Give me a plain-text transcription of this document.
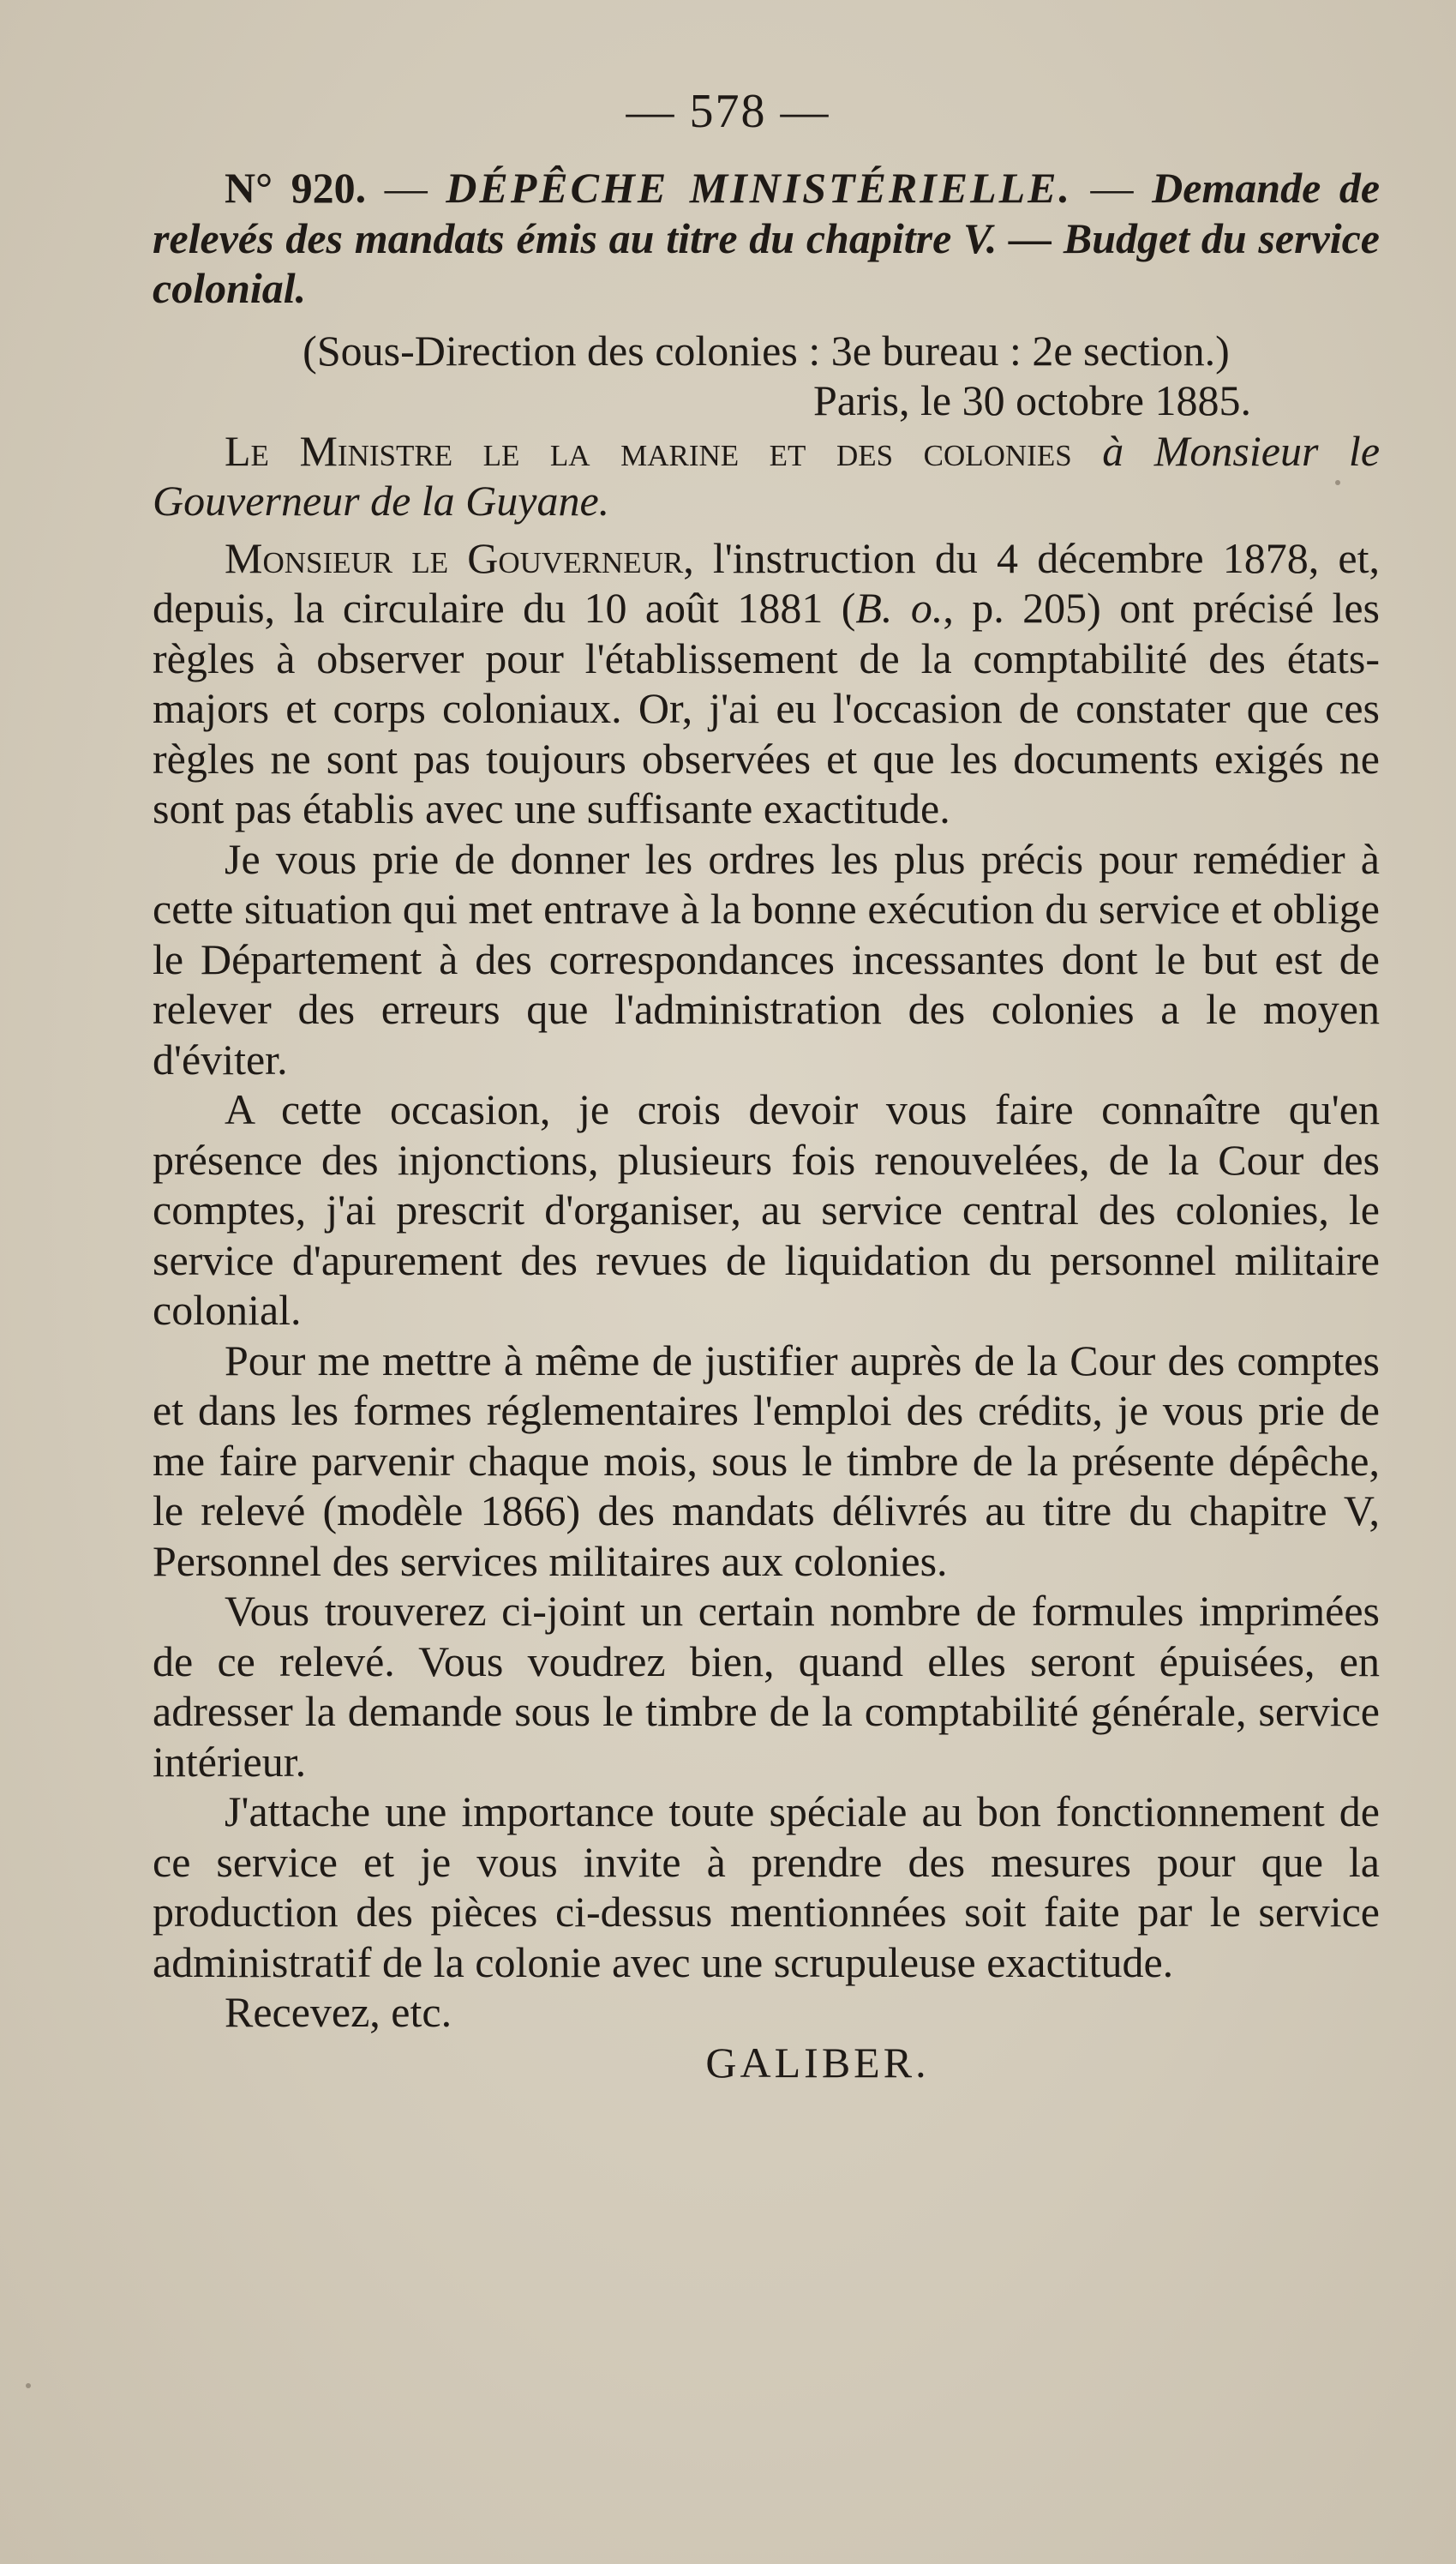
— 578 —

N° 920. — DÉPÊCHE MINISTÉRIELLE. — Demande de relevés des mandats émis au titre du chapitre V. — Budget du service colonial.

(Sous-Direction des colonies : 3e bureau : 2e section.)

Paris, le 30 octobre 1885.

Le Ministre le la marine et des colonies à Monsieur le Gouverneur de la Guyane.

Monsieur le Gouverneur, l'instruction du 4 décembre 1878, et, depuis, la circulaire du 10 août 1881 (B. o., p. 205) ont précisé les règles à observer pour l'établissement de la comptabilité des états-majors et corps coloniaux. Or, j'ai eu l'occasion de constater que ces règles ne sont pas toujours observées et que les documents exigés ne sont pas établis avec une suffisante exactitude.

Je vous prie de donner les ordres les plus précis pour remédier à cette situation qui met entrave à la bonne exécution du service et oblige le Département à des correspondances incessantes dont le but est de relever des erreurs que l'administration des colonies a le moyen d'éviter.

A cette occasion, je crois devoir vous faire connaître qu'en présence des injonctions, plusieurs fois renouvelées, de la Cour des comptes, j'ai prescrit d'organiser, au service central des colonies, le service d'apurement des revues de liquidation du personnel militaire colonial.

Pour me mettre à même de justifier auprès de la Cour des comptes et dans les formes réglementaires l'emploi des crédits, je vous prie de me faire parvenir chaque mois, sous le timbre de la présente dépêche, le relevé (modèle 1866) des mandats délivrés au titre du chapitre V, Personnel des services militaires aux colonies.

Vous trouverez ci-joint un certain nombre de formules imprimées de ce relevé. Vous voudrez bien, quand elles seront épuisées, en adresser la demande sous le timbre de la comptabilité générale, service intérieur.

J'attache une importance toute spéciale au bon fonctionnement de ce service et je vous invite à prendre des mesures pour que la production des pièces ci-dessus mentionnées soit faite par le service administratif de la colonie avec une scrupuleuse exactitude.

Recevez, etc.

GALIBER.
